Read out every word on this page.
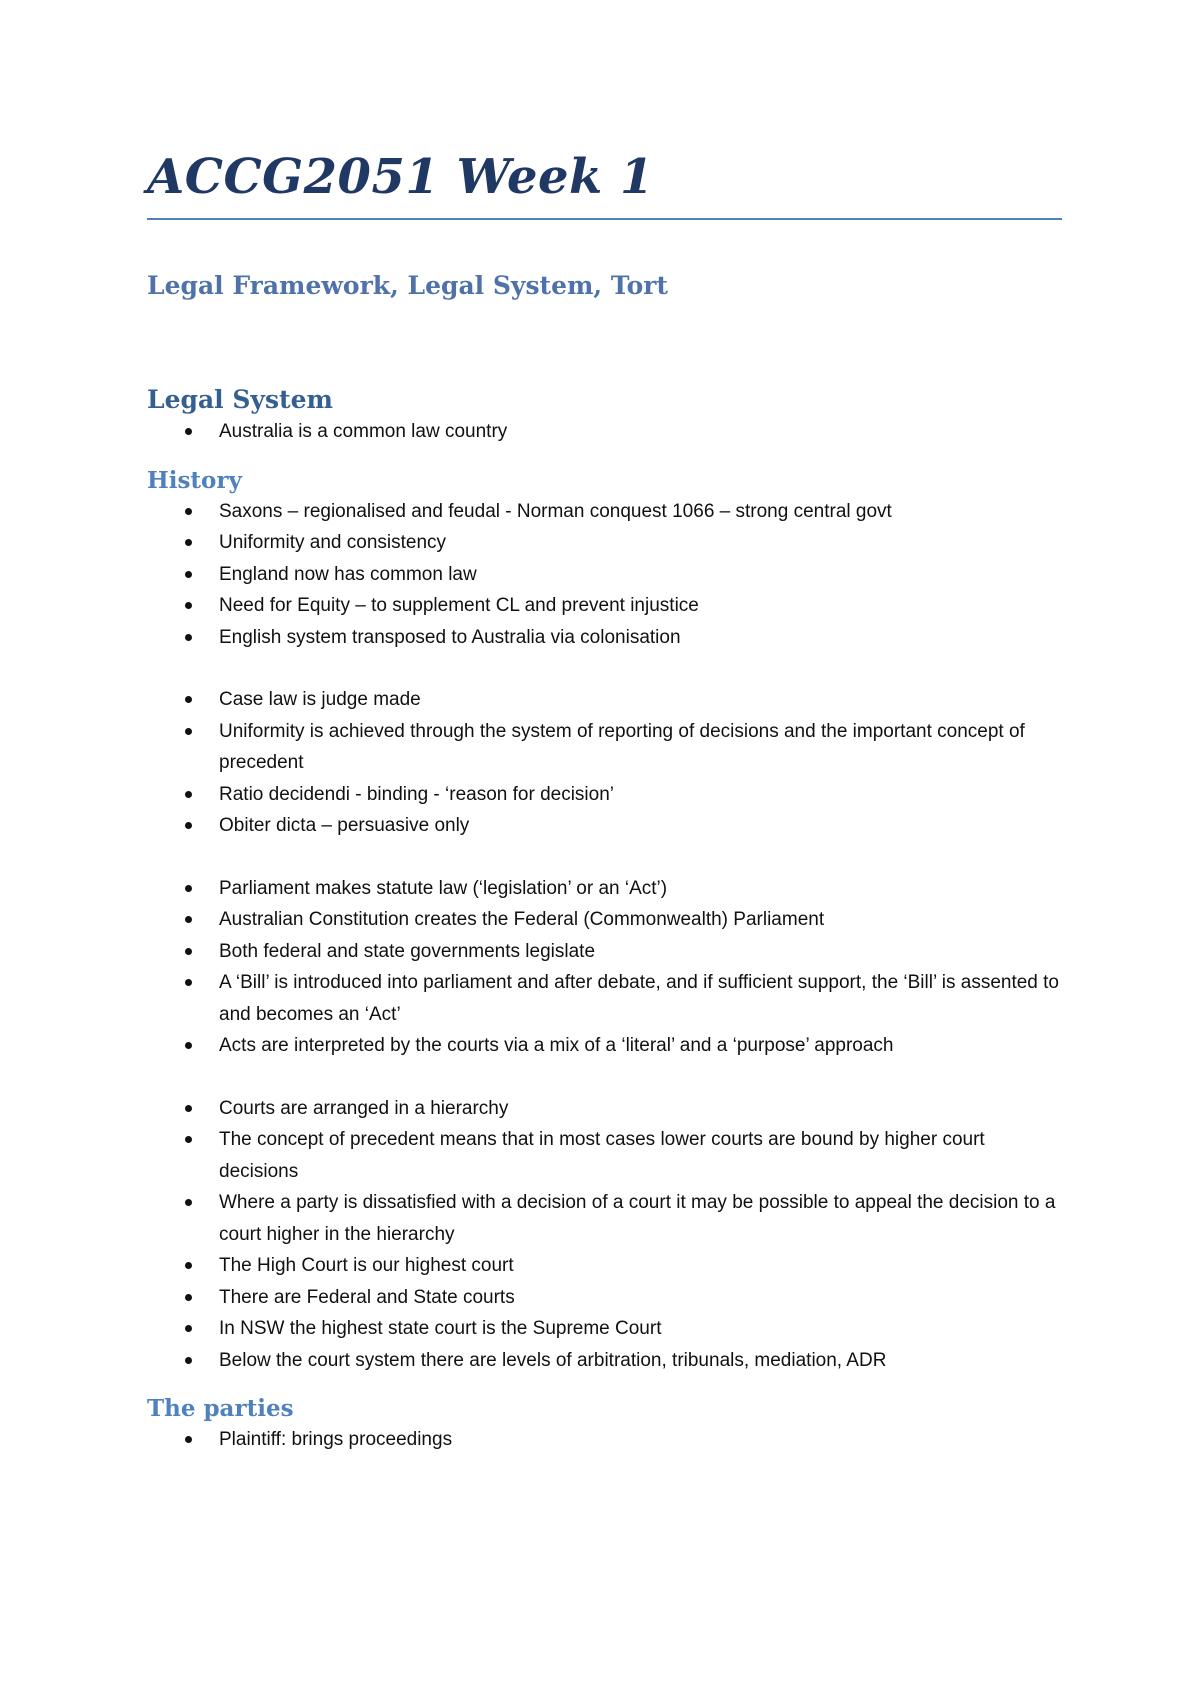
ACCG2051 Week 1
Legal Framework, Legal System, Tort
Legal System
Australia is a common law country
History
Saxons – regionalised and feudal - Norman conquest 1066 – strong central govt
Uniformity and consistency
England now has common law
Need for Equity – to supplement CL and prevent injustice
English system transposed to Australia via colonisation
Case law is judge made
Uniformity is achieved through the system of reporting of decisions and the important concept of precedent
Ratio decidendi - binding - ‘reason for decision’
Obiter dicta – persuasive only
Parliament makes statute law (‘legislation’ or an ‘Act’)
Australian Constitution creates the Federal (Commonwealth) Parliament
Both federal and state governments legislate
A ‘Bill’ is introduced into parliament and after debate, and if sufficient support, the ‘Bill’ is assented to and becomes an ‘Act’
Acts are interpreted by the courts via a mix of a ‘literal’ and a ‘purpose’ approach
Courts are arranged in a hierarchy
The concept of precedent means that in most cases lower courts are bound by higher court decisions
Where a party is dissatisfied with a decision of a court it may be possible to appeal the decision to a court higher in the hierarchy
The High Court is our highest court
There are Federal and State courts
In NSW the highest state court is the Supreme Court
Below the court system there are levels of arbitration, tribunals, mediation, ADR
The parties
Plaintiff: brings proceedings
